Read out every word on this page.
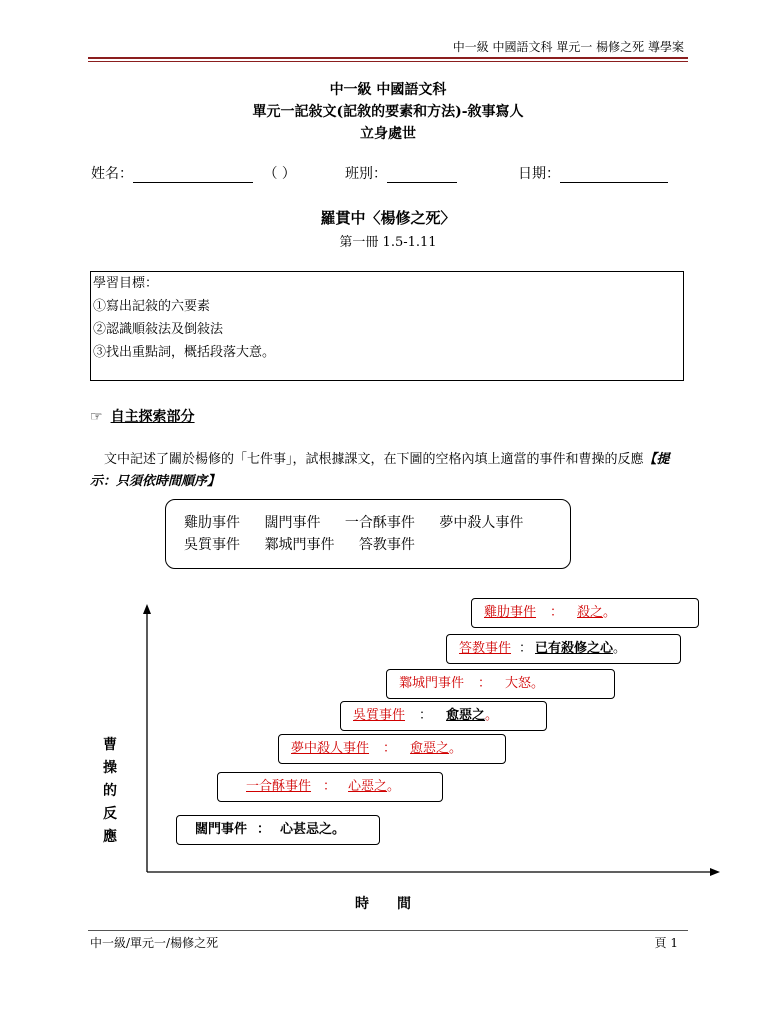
中一級 中國語文科 單元一 楊修之死 導學案
中一級 中國語文科
單元一記敍文(記敘的要素和方法)-敘事寫人
立身處世
姓名：	（ ）	班別：	日期：
羅貫中〈楊修之死〉
第一冊 1.5-1.11
學習目標：
①寫出記敍的六要素
②認識順敍法及倒敍法
③找出重點詞，概括段落大意。
☞ 自主探索部分
文中記述了關於楊修的「七件事」，試根據課文，在下圖的空格內填上適當的事件和曹操的反應【提示：只須依時間順序】
雞肋事件 闊門事件 一合酥事件 夢中殺人事件
吳質事件 鄴城門事件 答教事件
雞肋事件 ： 殺之。
答教事件 ： 已有殺修之心。
鄴城門事件 ： 大怒。
吳質事件 ： 愈惡之。
夢中殺人事件 ： 愈惡之。
一合酥事件 ： 心惡之。
闊門事件 ： 心甚忌之。
曹
操
的
反
應
時　　間
中一級/單元一/楊修之死	頁 1
